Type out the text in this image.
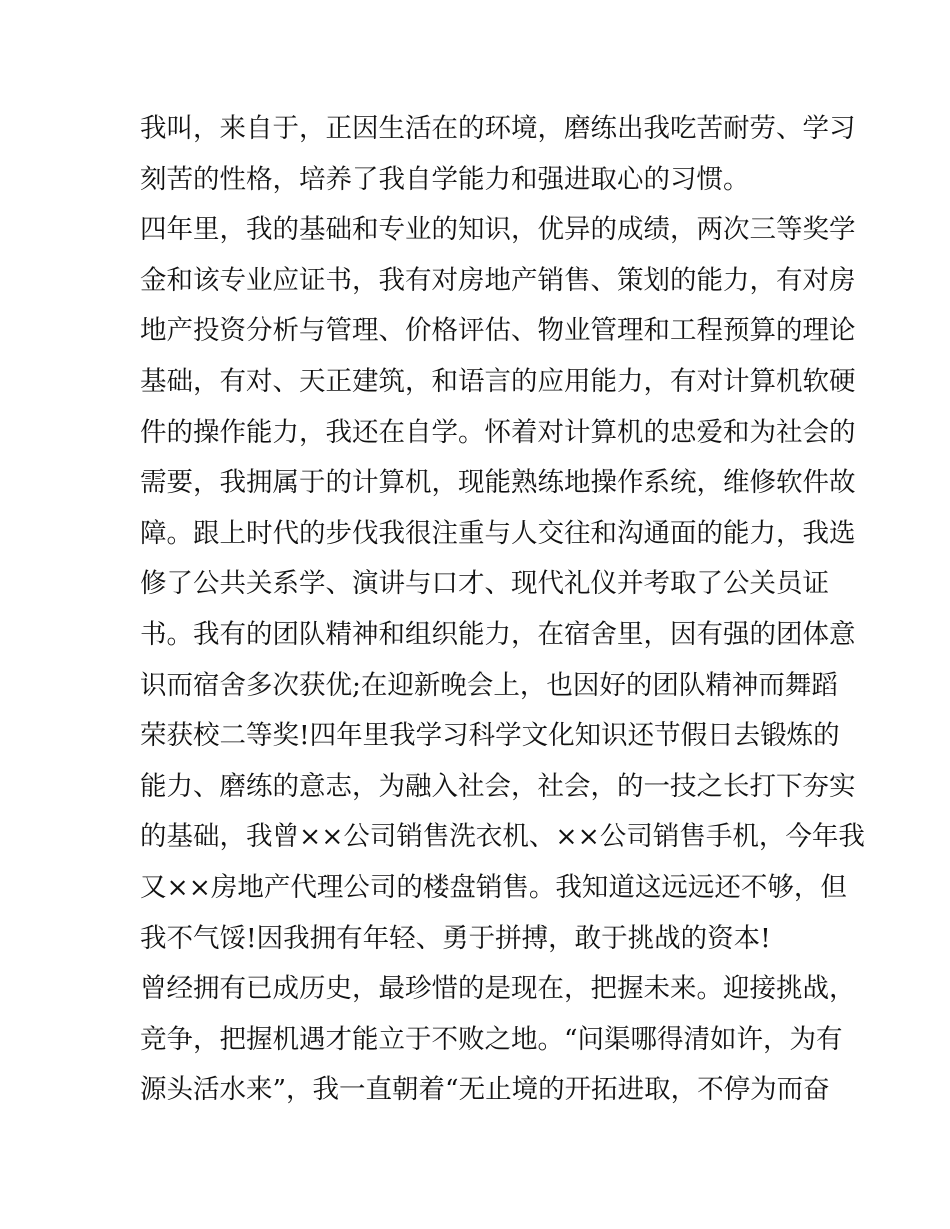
我叫，来自于，正因生活在的环境，磨练出我吃苦耐劳、学习
刻苦的性格，培养了我自学能力和强进取心的习惯。
四年里，我的基础和专业的知识，优异的成绩，两次三等奖学
金和该专业应证书，我有对房地产销售、策划的能力，有对房
地产投资分析与管理、价格评估、物业管理和工程预算的理论
基础，有对、天正建筑，和语言的应用能力，有对计算机软硬
件的操作能力，我还在自学。怀着对计算机的忠爱和为社会的
需要，我拥属于的计算机，现能熟练地操作系统，维修软件故
障。跟上时代的步伐我很注重与人交往和沟通面的能力，我选
修了公共关系学、演讲与口才、现代礼仪并考取了公关员证
书。我有的团队精神和组织能力，在宿舍里，因有强的团体意
识而宿舍多次获优;在迎新晚会上，也因好的团队精神而舞蹈
荣获校二等奖!四年里我学习科学文化知识还节假日去锻炼的
能力、磨练的意志，为融入社会，社会，的一技之长打下夯实
的基础，我曾××公司销售洗衣机、××公司销售手机，今年我
又××房地产代理公司的楼盘销售。我知道这远远还不够，但
我不气馁!因我拥有年轻、勇于拼搏，敢于挑战的资本!
曾经拥有已成历史，最珍惜的是现在，把握未来。迎接挑战，
竞争，把握机遇才能立于不败之地。“问渠哪得清如许，为有
源头活水来”，我一直朝着“无止境的开拓进取，不停为而奋
